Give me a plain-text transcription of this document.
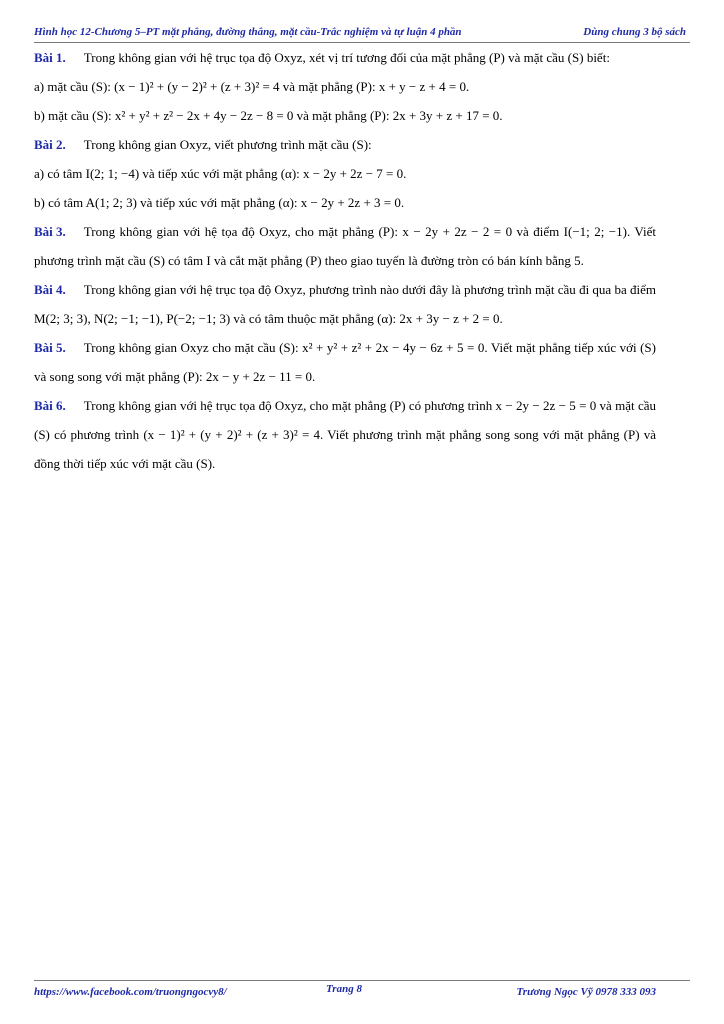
Hình học 12-Chương 5–PT mặt phẳng, đường thẳng, mặt cầu-Trắc nghiệm và tự luận 4 phần	Dùng chung 3 bộ sách

Bài 1. Trong không gian với hệ trục tọa độ Oxyz, xét vị trí tương đối của mặt phẳng (P) và mặt cầu (S) biết:

a) mặt cầu (S): (x − 1)² + (y − 2)² + (z + 3)² = 4 và mặt phẳng (P): x + y − z + 4 = 0.

b) mặt cầu (S): x² + y² + z² − 2x + 4y − 2z − 8 = 0 và mặt phẳng (P): 2x + 3y + z + 17 = 0.

Bài 2. Trong không gian Oxyz, viết phương trình mặt cầu (S):

a) có tâm I(2; 1; −4) và tiếp xúc với mặt phẳng (α): x − 2y + 2z − 7 = 0.

b) có tâm A(1; 2; 3) và tiếp xúc với mặt phẳng (α): x − 2y + 2z + 3 = 0.

Bài 3. Trong không gian với hệ tọa độ Oxyz, cho mặt phẳng (P): x − 2y + 2z − 2 = 0 và điểm I(−1; 2; −1). Viết phương trình mặt cầu (S) có tâm I và cắt mặt phẳng (P) theo giao tuyến là đường tròn có bán kính bằng 5.

Bài 4. Trong không gian với hệ trục tọa độ Oxyz, phương trình nào dưới đây là phương trình mặt cầu đi qua ba điểm M(2; 3; 3), N(2; −1; −1), P(−2; −1; 3) và có tâm thuộc mặt phẳng (α): 2x + 3y − z + 2 = 0.

Bài 5. Trong không gian Oxyz cho mặt cầu (S): x² + y² + z² + 2x − 4y − 6z + 5 = 0. Viết mặt phẳng tiếp xúc với (S) và song song với mặt phẳng (P): 2x − y + 2z − 11 = 0.

Bài 6. Trong không gian với hệ trục tọa độ Oxyz, cho mặt phẳng (P) có phương trình x − 2y − 2z − 5 = 0 và mặt cầu (S) có phương trình (x − 1)² + (y + 2)² + (z + 3)² = 4. Viết phương trình mặt phẳng song song với mặt phẳng (P) và đồng thời tiếp xúc với mặt cầu (S).

https://www.facebook.com/truongngocvy8/	Trang 8	Trương Ngọc Vỹ 0978 333 093
